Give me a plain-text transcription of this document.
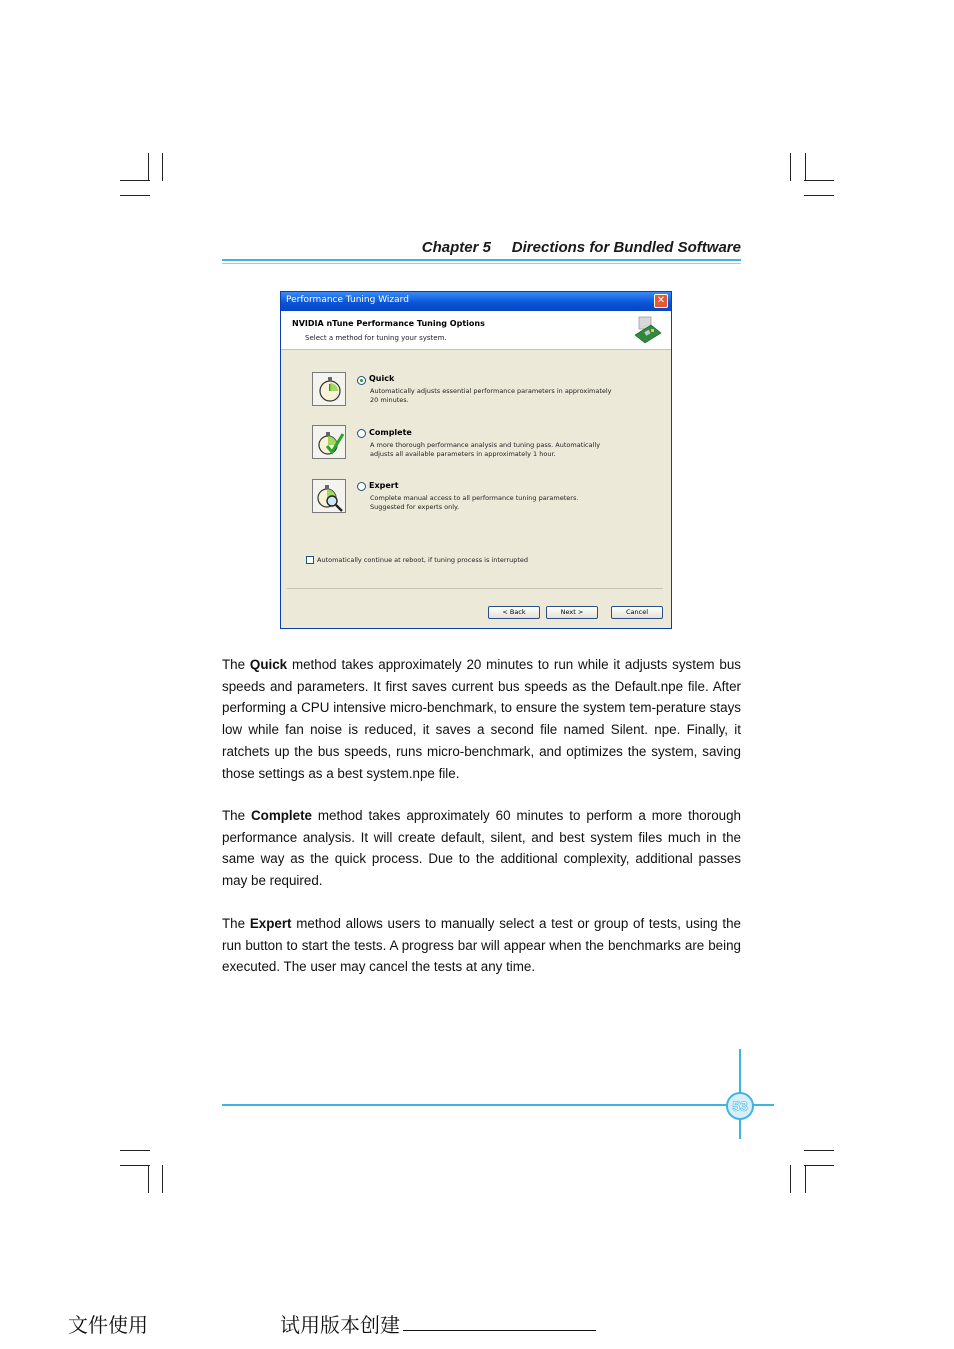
Chapter 5 Directions for Bundled Software
Performance Tuning Wizard	✕
NVIDIA nTune Performance Tuning Options
Select a method for tuning your system.
Quick
Automatically adjusts essential performance parameters in approximately
20 minutes.
Complete
A more thorough performance analysis and tuning pass. Automatically
adjusts all available parameters in approximately 1 hour.
Expert
Complete manual access to all performance tuning parameters.
Suggested for experts only.
Automatically continue at reboot, if tuning process is interrupted
< Back	Next >	Cancel
The Quick method takes approximately 20 minutes to run while it adjusts system bus speeds and parameters. It first saves current bus speeds as the Default.npe file. After performing a CPU intensive micro-benchmark, to ensure the system tem-perature stays low while fan noise is reduced, it saves a second file named Silent. npe. Finally, it ratchets up the bus speeds, runs micro-benchmark, and optimizes the system, saving those settings as a best system.npe file.
The Complete method takes approximately 60 minutes to perform a more thorough performance analysis. It will create default, silent, and best system files much in the same way as the quick process. Due to the additional complexity, additional passes may be required.
The Expert method allows users to manually select a test or group of tests, using the run button to start the tests. A progress bar will appear when the benchmarks are being executed. The user may cancel the tests at any time.
53
文件使用	试用版本创建
